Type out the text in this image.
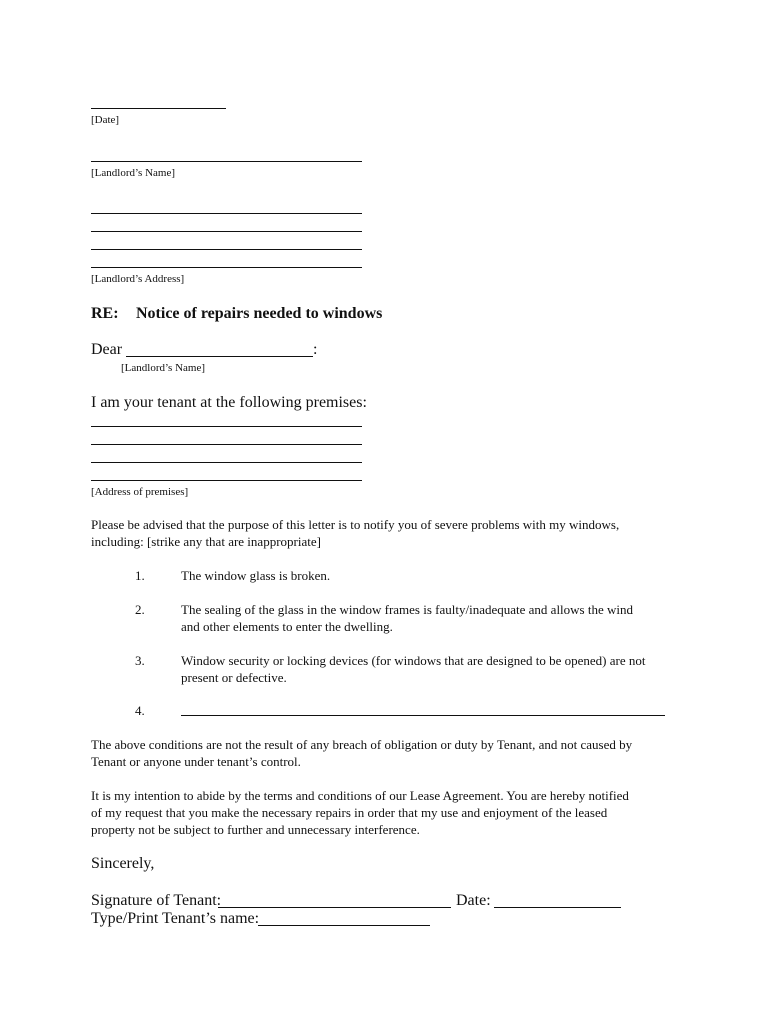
[Date]
[Landlord’s Name]
[Landlord’s Address]
RE: Notice of repairs needed to windows
Dear	:
[Landlord’s Name]
I am your tenant at the following premises:
[Address of premises]
Please be advised that the purpose of this letter is to notify you of severe problems with my windows,
including: [strike any that are inappropriate]
1.	The window glass is broken.
2.	The sealing of the glass in the window frames is faulty/inadequate and allows the wind
and other elements to enter the dwelling.
3.	Window security or locking devices (for windows that are designed to be opened) are not
present or defective.
4.
The above conditions are not the result of any breach of obligation or duty by Tenant, and not caused by
Tenant or anyone under tenant’s control.
It is my intention to abide by the terms and conditions of our Lease Agreement. You are hereby notified
of my request that you make the necessary repairs in order that my use and enjoyment of the leased
property not be subject to further and unnecessary interference.
Sincerely,
Signature of Tenant:	Date:
Type/Print Tenant’s name:
